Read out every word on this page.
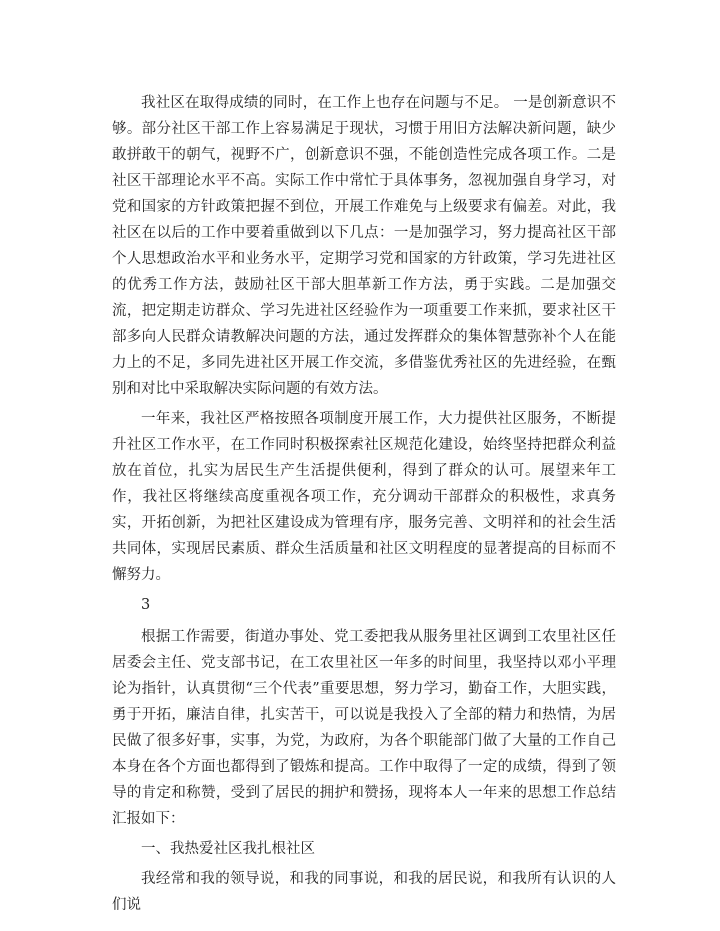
我社区在取得成绩的同时，在工作上也存在问题与不足。 一是创新意识不够。部分社区干部工作上容易满足于现状，习惯于用旧方法解决新问题，缺少敢拼敢干的朝气，视野不广，创新意识不强，不能创造性完成各项工作。二是社区干部理论水平不高。实际工作中常忙于具体事务，忽视加强自身学习，对党和国家的方针政策把握不到位，开展工作难免与上级要求有偏差。对此，我社区在以后的工作中要着重做到以下几点：一是加强学习，努力提高社区干部个人思想政治水平和业务水平，定期学习党和国家的方针政策，学习先进社区的优秀工作方法，鼓励社区干部大胆革新工作方法，勇于实践。二是加强交流，把定期走访群众、学习先进社区经验作为一项重要工作来抓，要求社区干部多向人民群众请教解决问题的方法，通过发挥群众的集体智慧弥补个人在能力上的不足，多同先进社区开展工作交流，多借鉴优秀社区的先进经验，在甄别和对比中采取解决实际问题的有效方法。

一年来，我社区严格按照各项制度开展工作，大力提供社区服务，不断提升社区工作水平，在工作同时积极探索社区规范化建设，始终坚持把群众利益放在首位，扎实为居民生产生活提供便利，得到了群众的认可。展望来年工作，我社区将继续高度重视各项工作，充分调动干部群众的积极性，求真务实，开拓创新，为把社区建设成为管理有序，服务完善、文明祥和的社会生活共同体，实现居民素质、群众生活质量和社区文明程度的显著提高的目标而不懈努力。

3

根据工作需要，街道办事处、党工委把我从服务里社区调到工农里社区任居委会主任、党支部书记，在工农里社区一年多的时间里，我坚持以邓小平理论为指针，认真贯彻“三个代表”重要思想，努力学习，勤奋工作，大胆实践，勇于开拓，廉洁自律，扎实苦干，可以说是我投入了全部的精力和热情，为居民做了很多好事，实事，为党，为政府，为各个职能部门做了大量的工作自己本身在各个方面也都得到了锻炼和提高。工作中取得了一定的成绩，得到了领导的肯定和称赞，受到了居民的拥护和赞扬，现将本人一年来的思想工作总结汇报如下：

一、我热爱社区我扎根社区

我经常和我的领导说，和我的同事说，和我的居民说，和我所有认识的人们说
